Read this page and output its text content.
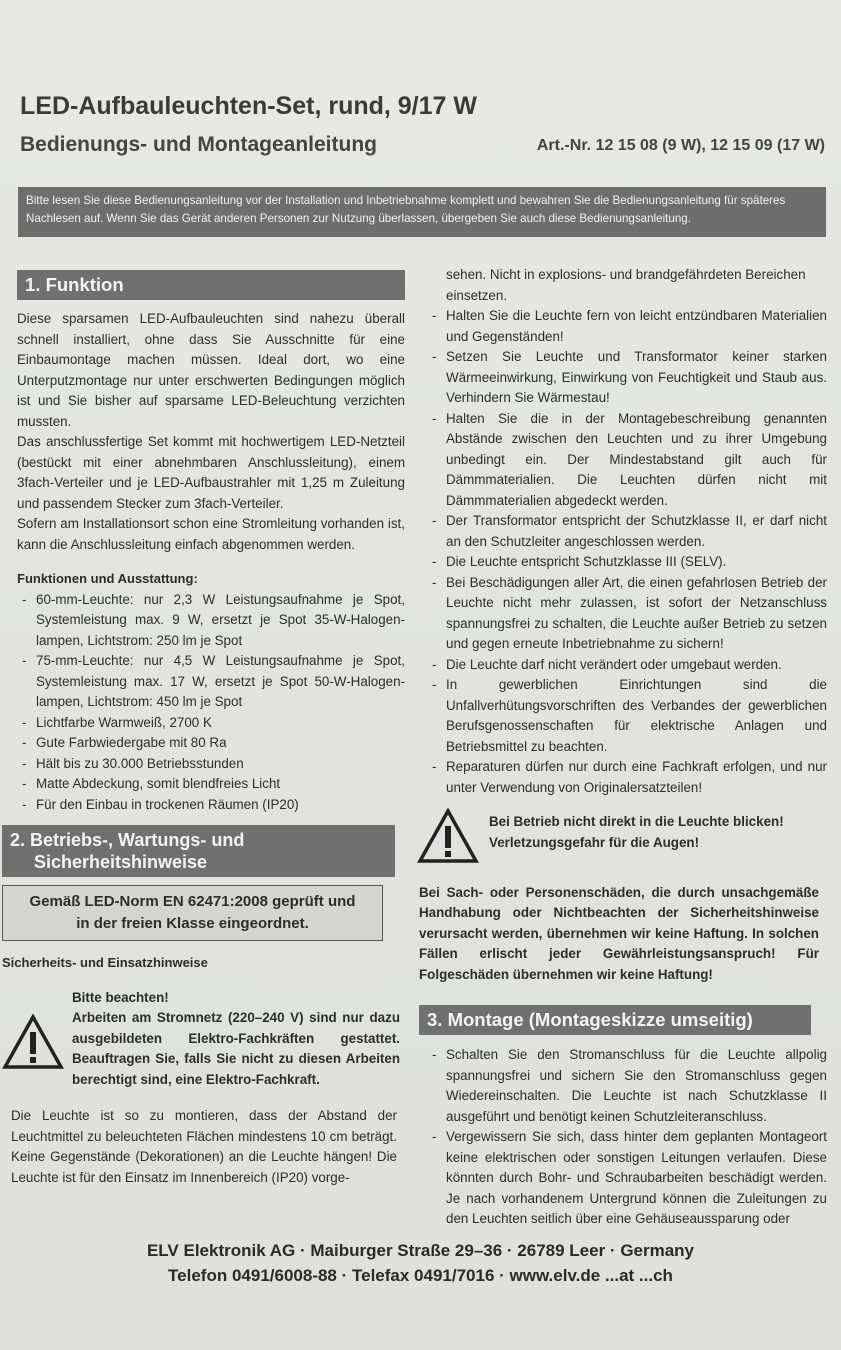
LED-Aufbauleuchten-Set, rund, 9/17 W
Bedienungs- und Montageanleitung	Art.-Nr. 12 15 08 (9 W), 12 15 09 (17 W)
Bitte lesen Sie diese Bedienungsanleitung vor der Installation und Inbetriebnahme komplett und bewahren Sie die Bedienungsanleitung für späteres Nachlesen auf. Wenn Sie das Gerät anderen Personen zur Nutzung überlassen, übergeben Sie auch diese Bedienungsanleitung.
1. Funktion

Diese sparsamen LED-Aufbauleuchten sind nahezu überall schnell installiert, ohne dass Sie Ausschnitte für eine Einbaumontage machen müssen. Ideal dort, wo eine Unterputzmontage nur unter erschwerten Bedingungen möglich ist und Sie bisher auf sparsame LED-Beleuchtung verzichten mussten.

Das anschlussfertige Set kommt mit hochwertigem LED-Netzteil (bestückt mit einer abnehmbaren Anschlussleitung), einem 3fach-Verteiler und je LED-Aufbaustrahler mit 1,25 m Zuleitung und passendem Stecker zum 3fach-Verteiler.

Sofern am Installationsort schon eine Stromleitung vorhanden ist, kann die Anschlussleitung einfach abgenommen werden.

Funktionen und Ausstattung:

- 60-mm-Leuchte: nur 2,3 W Leistungsaufnahme je Spot, Systemleistung max. 9 W, ersetzt je Spot 35-W-Halogen-lampen, Lichtstrom: 250 lm je Spot
- 75-mm-Leuchte: nur 4,5 W Leistungsaufnahme je Spot, Systemleistung max. 17 W, ersetzt je Spot 50-W-Halogen-lampen, Lichtstrom: 450 lm je Spot
- Lichtfarbe Warmweiß, 2700 K
- Gute Farbwiedergabe mit 80 Ra
- Hält bis zu 30.000 Betriebsstunden
- Matte Abdeckung, somit blendfreies Licht
- Für den Einbau in trockenen Räumen (IP20)
2. Betriebs-, Wartungs- und
Sicherheitshinweise
Gemäß LED-Norm EN 62471:2008 geprüft und
in der freien Klasse eingeordnet.

Sicherheits- und Einsatzhinweise

Bitte beachten!

Arbeiten am Stromnetz (220–240 V) sind nur dazu ausgebildeten Elektro-Fachkräften gestattet. Beauftragen Sie, falls Sie nicht zu diesen Arbeiten berechtigt sind, eine Elektro-Fachkraft.

Die Leuchte ist so zu montieren, dass der Abstand der Leuchtmittel zu beleuchteten Flächen mindestens 10 cm beträgt. Keine Gegenstände (Dekorationen) an die Leuchte hängen! Die Leuchte ist für den Einsatz im Innenbereich (IP20) vorge-

sehen. Nicht in explosions- und brandgefährdeten Bereichen einsetzen.

- Halten Sie die Leuchte fern von leicht entzündbaren Materialien und Gegenständen!
- Setzen Sie Leuchte und Transformator keiner starken Wärmeeinwirkung, Einwirkung von Feuchtigkeit und Staub aus. Verhindern Sie Wärmestau!
- Halten Sie die in der Montagebeschreibung genannten Abstände zwischen den Leuchten und zu ihrer Umgebung unbedingt ein. Der Mindestabstand gilt auch für Dämmmaterialien. Die Leuchten dürfen nicht mit Dämmmaterialien abgedeckt werden.
- Der Transformator entspricht der Schutzklasse II, er darf nicht an den Schutzleiter angeschlossen werden.
- Die Leuchte entspricht Schutzklasse III (SELV).
- Bei Beschädigungen aller Art, die einen gefahrlosen Betrieb der Leuchte nicht mehr zulassen, ist sofort der Netzanschluss spannungsfrei zu schalten, die Leuchte außer Betrieb zu setzen und gegen erneute Inbetriebnahme zu sichern!
- Die Leuchte darf nicht verändert oder umgebaut werden.
- In gewerblichen Einrichtungen sind die Unfallverhütungsvorschriften des Verbandes der gewerblichen Berufsgenossenschaften für elektrische Anlagen und Betriebsmittel zu beachten.
- Reparaturen dürfen nur durch eine Fachkraft erfolgen, und nur unter Verwendung von Originalersatzteilen!

Bei Betrieb nicht direkt in die Leuchte blicken!

Verletzungsgefahr für die Augen!

Bei Sach- oder Personenschäden, die durch unsachgemäße Handhabung oder Nichtbeachten der Sicherheitshinweise verursacht werden, übernehmen wir keine Haftung. In solchen Fällen erlischt jeder Gewährleistungsanspruch! Für Folgeschäden übernehmen wir keine Haftung!

3. Montage (Montageskizze umseitig)
- Schalten Sie den Stromanschluss für die Leuchte allpolig spannungsfrei und sichern Sie den Stromanschluss gegen Wiedereinschalten. Die Leuchte ist nach Schutzklasse II ausgeführt und benötigt keinen Schutzleiteranschluss.
- Vergewissern Sie sich, dass hinter dem geplanten Montageort keine elektrischen oder sonstigen Leitungen verlaufen. Diese könnten durch Bohr- und Schraubarbeiten beschädigt werden. Je nach vorhandenem Untergrund können die Zuleitungen zu den Leuchten seitlich über eine Gehäuseaussparung oder
ELV Elektronik AG · Maiburger Straße 29–36 · 26789 Leer · Germany
Telefon 0491/6008-88 · Telefax 0491/7016 · www.elv.de ...at ...ch
